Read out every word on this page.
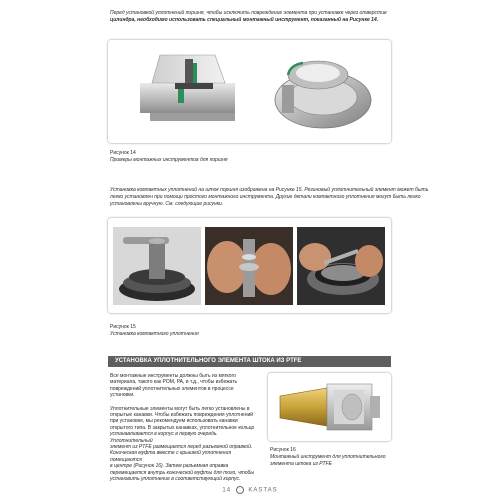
Перед установкой уплотнений поршня, чтобы исключить повреждение элемента при установке через отверстие
цилиндра, необходимо использовать специальный монтажный инструмент, показанный на Рисунке 14.
Рисунок 14
Примеры монтажных инструментов для поршня
Установка компактных уплотнений на шток поршня изображена на Рисунке 15. Резиновый уплотнительный элемент может быть
легко установлен при помощи простого монтажного инструмента. Другие детали компактного уплотнения могут быть легко
установлены вручную. См. следующие рисунки.
Рисунок 15
Установка компактного уплотнения
УСТАНОВКА УПЛОТНИТЕЛЬНОГО ЭЛЕМЕНТА ШТОКА ИЗ PTFE
Все монтажные инструменты должны быть из мягкого
материала, такого как POM, PA, и т.д., чтобы избежать
повреждений уплотнительных элементов в процессе
установки.
Уплотнительные элементы могут быть легко установлены в
открытые канавки. Чтобы избежать повреждения уплотнений
при установке, мы рекомендуем использовать канавки
открытого типа. В закрытых канавках, уплотнительное кольцо
устанавливается в корпус в первую очередь. Уплотнительный
элемент из PTFE размещается перед разъемной оправкой.
Коническая муфта вместе с крышкой уплотнения помещаются
в центре (Рисунок 16). Затем разъемная оправка
перемещается внутрь конической муфты для того, чтобы
установить уплотнение в соответствующий корпус.
Рисунок 16
Монтажный инструмент для уплотнительного
элемента штока из PTFE
14	KASTAS
